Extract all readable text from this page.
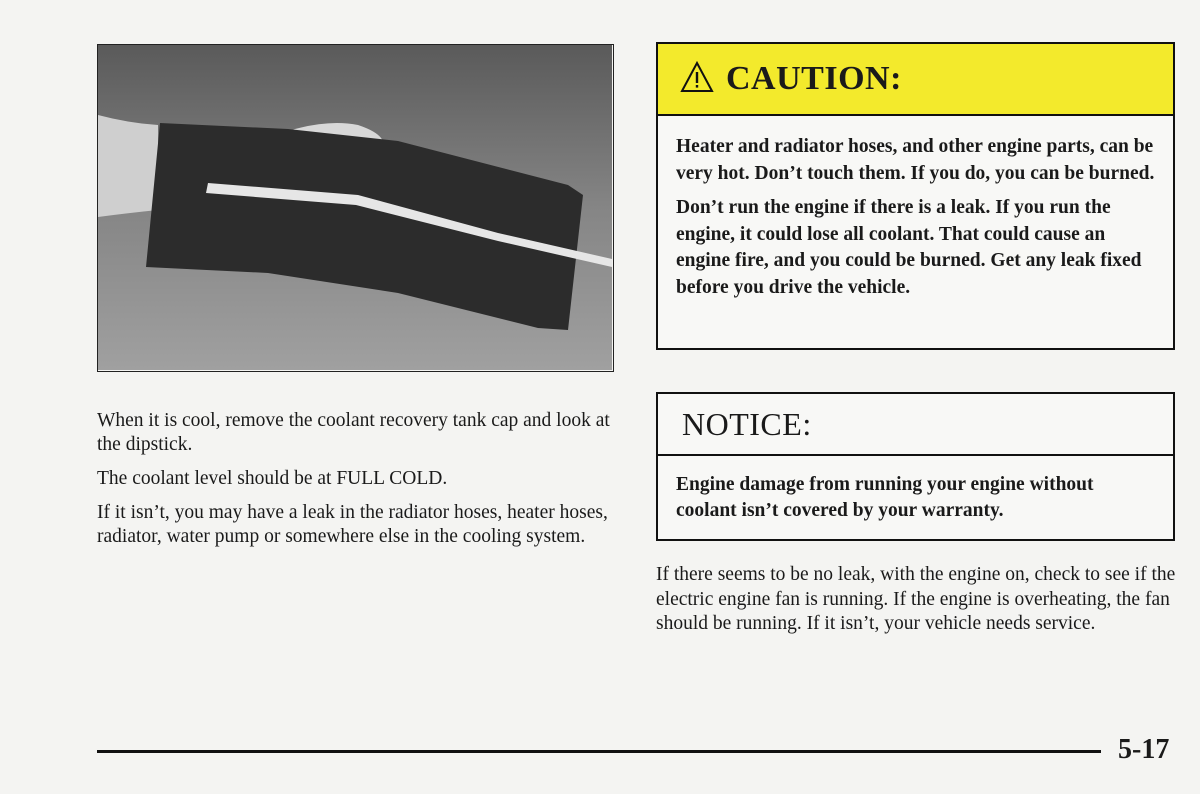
When it is cool, remove the coolant recovery tank cap and look at the dipstick.

The coolant level should be at FULL COLD.

If it isn’t, you may have a leak in the radiator hoses, heater hoses, radiator, water pump or somewhere else in the cooling system.

CAUTION:

Heater and radiator hoses, and other engine parts, can be very hot. Don’t touch them. If you do, you can be burned.

Don’t run the engine if there is a leak. If you run the engine, it could lose all coolant. That could cause an engine fire, and you could be burned. Get any leak fixed before you drive the vehicle.

NOTICE:
Engine damage from running your engine without coolant isn’t covered by your warranty.

If there seems to be no leak, with the engine on, check to see if the electric engine fan is running. If the engine is overheating, the fan should be running. If it isn’t, your vehicle needs service.

5-17
